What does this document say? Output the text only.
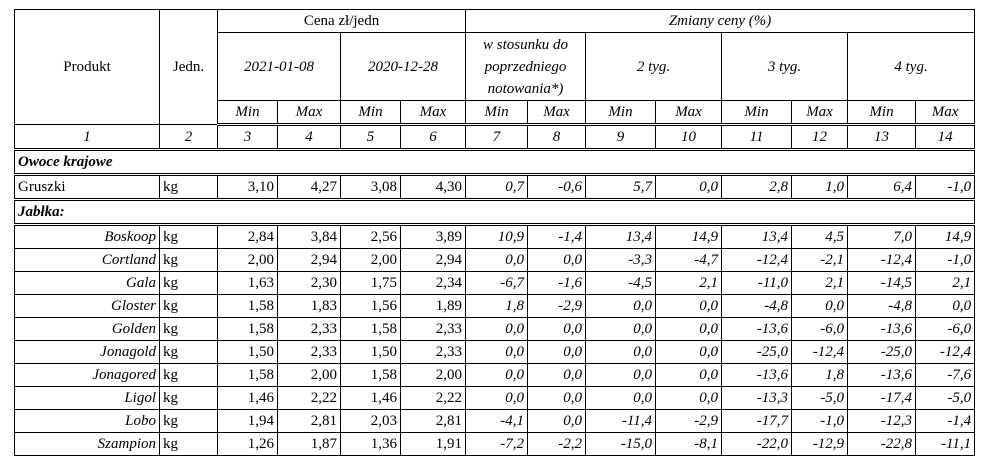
Produkt	Jedn.	Cena zł/jedn				Zmiany ceny (%)							
		2021-01-08		2020-12-28		w stosunku do poprzedniego notowania*)		2 tyg.		3 tyg.		4 tyg.	
		Min	Max	Min	Max	Min	Max	Min	Max	Min	Max	Min	Max
1	2	3	4	5	6	7	8	9	10	11	12	13	14
Owoce krajowe													
Gruszki	kg	3,10	4,27	3,08	4,30	0,7	-0,6	5,7	0,0	2,8	1,0	6,4	-1,0
Jabłka:													
Boskoop	kg	2,84	3,84	2,56	3,89	10,9	-1,4	13,4	14,9	13,4	4,5	7,0	14,9
Cortland	kg	2,00	2,94	2,00	2,94	0,0	0,0	-3,3	-4,7	-12,4	-2,1	-12,4	-1,0
Gala	kg	1,63	2,30	1,75	2,34	-6,7	-1,6	-4,5	2,1	-11,0	2,1	-14,5	2,1
Gloster	kg	1,58	1,83	1,56	1,89	1,8	-2,9	0,0	0,0	-4,8	0,0	-4,8	0,0
Golden	kg	1,58	2,33	1,58	2,33	0,0	0,0	0,0	0,0	-13,6	-6,0	-13,6	-6,0
Jonagold	kg	1,50	2,33	1,50	2,33	0,0	0,0	0,0	0,0	-25,0	-12,4	-25,0	-12,4
Jonagored	kg	1,58	2,00	1,58	2,00	0,0	0,0	0,0	0,0	-13,6	1,8	-13,6	-7,6
Ligol	kg	1,46	2,22	1,46	2,22	0,0	0,0	0,0	0,0	-13,3	-5,0	-17,4	-5,0
Lobo	kg	1,94	2,81	2,03	2,81	-4,1	0,0	-11,4	-2,9	-17,7	-1,0	-12,3	-1,4
Szampion	kg	1,26	1,87	1,36	1,91	-7,2	-2,2	-15,0	-8,1	-22,0	-12,9	-22,8	-11,1
